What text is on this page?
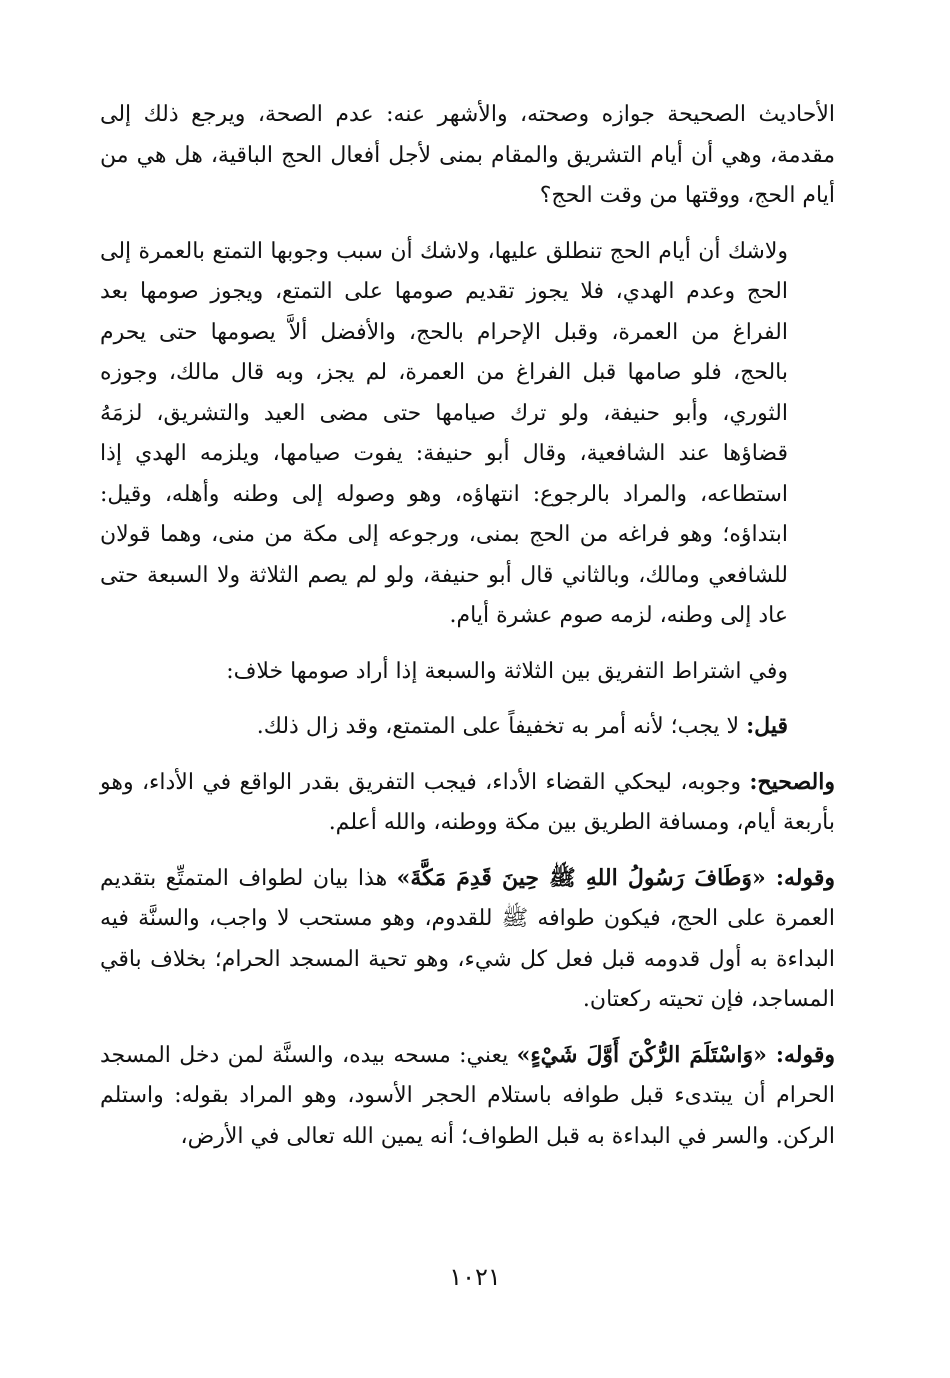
الأحاديث الصحيحة جوازه وصحته، والأشهر عنه: عدم الصحة، ويرجع ذلك إلى مقدمة، وهي أن أيام التشريق والمقام بمنى لأجل أفعال الحج الباقية، هل هي من أيام الحج، ووقتها من وقت الحج؟

ولاشك أن أيام الحج تنطلق عليها، ولاشك أن سبب وجوبها التمتع بالعمرة إلى الحج وعدم الهدي، فلا يجوز تقديم صومها على التمتع، ويجوز صومها بعد الفراغ من العمرة، وقبل الإحرام بالحج، والأفضل ألاَّ يصومها حتى يحرم بالحج، فلو صامها قبل الفراغ من العمرة، لم يجز، وبه قال مالك، وجوزه الثوري، وأبو حنيفة، ولو ترك صيامها حتى مضى العيد والتشريق، لزمَهُ قضاؤها عند الشافعية، وقال أبو حنيفة: يفوت صيامها، ويلزمه الهدي إذا استطاعه، والمراد بالرجوع: انتهاؤه، وهو وصوله إلى وطنه وأهله، وقيل: ابتداؤه؛ وهو فراغه من الحج بمنى، ورجوعه إلى مكة من منى، وهما قولان للشافعي ومالك، وبالثاني قال أبو حنيفة، ولو لم يصم الثلاثة ولا السبعة حتى عاد إلى وطنه، لزمه صوم عشرة أيام.

وفي اشتراط التفريق بين الثلاثة والسبعة إذا أراد صومها خلاف:

قيل: لا يجب؛ لأنه أمر به تخفيفاً على المتمتع، وقد زال ذلك.

والصحيح: وجوبه، ليحكي القضاء الأداء، فيجب التفريق بقدر الواقع في الأداء، وهو بأربعة أيام، ومسافة الطريق بين مكة ووطنه، والله أعلم.

وقوله: «وَطَافَ رَسُولُ اللهِ ﷺ حِينَ قَدِمَ مَكَّةَ» هذا بيان لطواف المتمتِّع بتقديم العمرة على الحج، فيكون طوافه ﷺ للقدوم، وهو مستحب لا واجب، والسنَّة فيه البداءة به أول قدومه قبل فعل كل شيء، وهو تحية المسجد الحرام؛ بخلاف باقي المساجد، فإن تحيته ركعتان.

وقوله: «وَاسْتَلَمَ الرُّكْنَ أَوَّلَ شَيْءٍ» يعني: مسحه بيده، والسنَّة لمن دخل المسجد الحرام أن يبتدىء قبل طوافه باستلام الحجر الأسود، وهو المراد بقوله: واستلم الركن. والسر في البداءة به قبل الطواف؛ أنه يمين الله تعالى في الأرض،

١٠٢١
